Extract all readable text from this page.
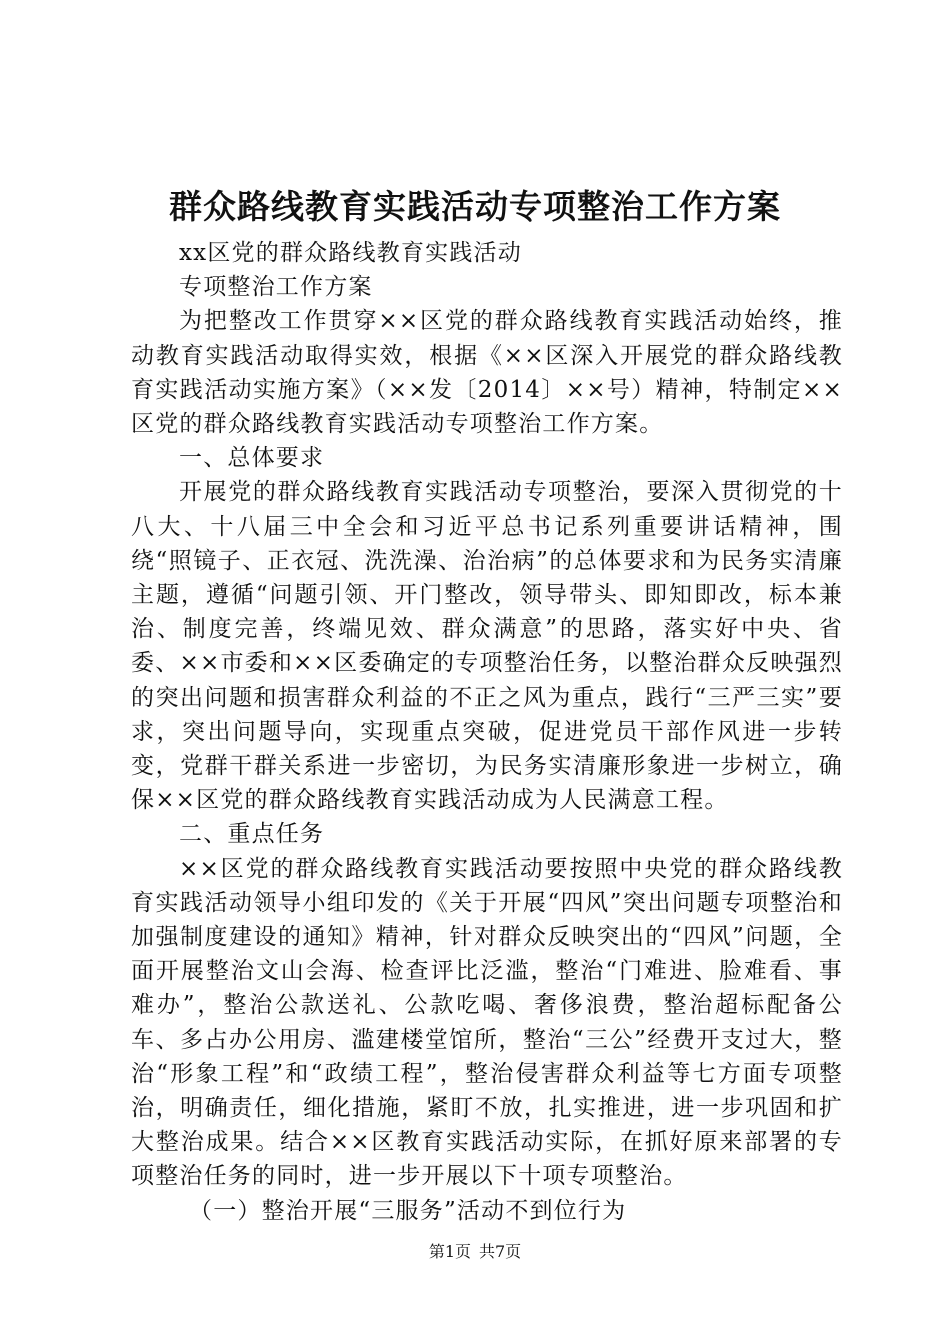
群众路线教育实践活动专项整治工作方案

xx区党的群众路线教育实践活动

专项整治工作方案

为把整改工作贯穿××区党的群众路线教育实践活动始终，推动教育实践活动取得实效，根据《××区深入开展党的群众路线教育实践活动实施方案》（××发〔2014〕××号）精神，特制定××区党的群众路线教育实践活动专项整治工作方案。

一、总体要求

开展党的群众路线教育实践活动专项整治，要深入贯彻党的十八大、十八届三中全会和习近平总书记系列重要讲话精神，围绕“照镜子、正衣冠、洗洗澡、治治病”的总体要求和为民务实清廉主题，遵循“问题引领、开门整改，领导带头、即知即改，标本兼治、制度完善，终端见效、群众满意”的思路，落实好中央、省委、××市委和××区委确定的专项整治任务，以整治群众反映强烈的突出问题和损害群众利益的不正之风为重点，践行“三严三实”要求，突出问题导向，实现重点突破，促进党员干部作风进一步转变，党群干群关系进一步密切，为民务实清廉形象进一步树立，确保××区党的群众路线教育实践活动成为人民满意工程。

二、重点任务

××区党的群众路线教育实践活动要按照中央党的群众路线教育实践活动领导小组印发的《关于开展“四风”突出问题专项整治和加强制度建设的通知》精神，针对群众反映突出的“四风”问题，全面开展整治文山会海、检查评比泛滥，整治“门难进、脸难看、事难办”，整治公款送礼、公款吃喝、奢侈浪费，整治超标配备公车、多占办公用房、滥建楼堂馆所，整治“三公”经费开支过大，整治“形象工程”和“政绩工程”，整治侵害群众利益等七方面专项整治，明确责任，细化措施，紧盯不放，扎实推进，进一步巩固和扩大整治成果。结合××区教育实践活动实际，在抓好原来部署的专项整治任务的同时，进一步开展以下十项专项整治。

（一）整治开展“三服务”活动不到位行为

第1页 共7页
